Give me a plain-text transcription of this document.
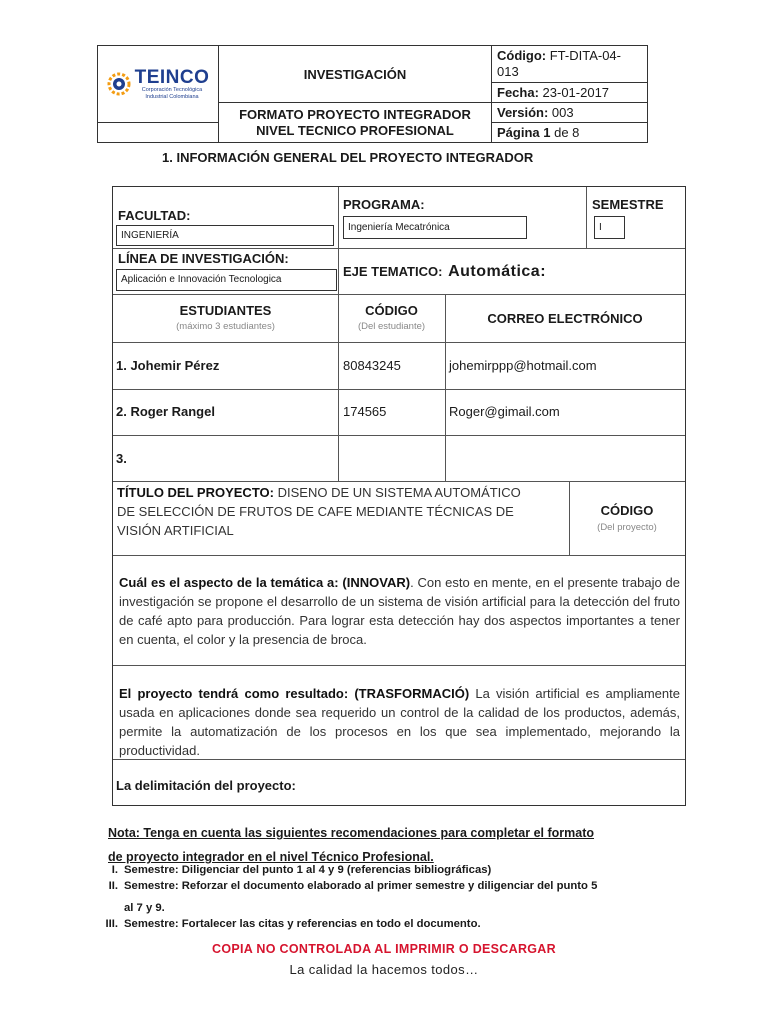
TEINCO
Corporación Tecnológica
Industrial Colombiana	INVESTIGACIÓN	Código: FT-DITA-04-013
		Fecha: 23-01-2017

	FORMATO PROYECTO INTEGRADOR
NIVEL TECNICO PROFESIONAL	Versión: 003
		Página 1 de 8
1. INFORMACIÓN GENERAL DEL PROYECTO INTEGRADOR
FACULTAD:
INGENIERÍA
PROGRAMA:
Ingeniería Mecatrónica
SEMESTRE
I
LÍNEA DE INVESTIGACIÓN:
Aplicación e Innovación Tecnologica
EJE TEMATICO: Automática:
ESTUDIANTES
(máximo 3 estudiantes)
CÓDIGO
(Del estudiante)
CORREO ELECTRÓNICO
1. Johemir Pérez	80843245	johemirppp@hotmail.com
2. Roger Rangel	174565	Roger@gimail.com
3.
TÍTULO DEL PROYECTO: DISENO DE UN SISTEMA AUTOMÁTICO
DE SELECCIÓN DE FRUTOS DE CAFE MEDIANTE TÉCNICAS DE
VISIÓN ARTIFICIAL
CÓDIGO
(Del proyecto)
Cuál es el aspecto de la temática a: (INNOVAR). Con esto en mente, en el presente trabajo de investigación se propone el desarrollo de un sistema de visión artificial para la detección del fruto de café apto para producción. Para lograr esta detección hay dos aspectos importantes a tener en cuenta, el color y la presencia de broca.
El proyecto tendrá como resultado: (TRASFORMACIÓ) La visión artificial es ampliamente usada en aplicaciones donde sea requerido un control de la calidad de los productos, además, permite la automatización de los procesos en los que sea implementado, mejorando la productividad.
La delimitación del proyecto:
Nota: Tenga en cuenta las siguientes recomendaciones para completar el formato
de proyecto integrador en el nivel Técnico Profesional.
I. Semestre: Diligenciar del punto 1 al 4 y 9 (referencias bibliográficas)
II. Semestre: Reforzar el documento elaborado al primer semestre y diligenciar del punto 5
al 7 y 9.
III. Semestre: Fortalecer las citas y referencias en todo el documento.
COPIA NO CONTROLADA AL IMPRIMIR O DESCARGAR
La calidad la hacemos todos…
